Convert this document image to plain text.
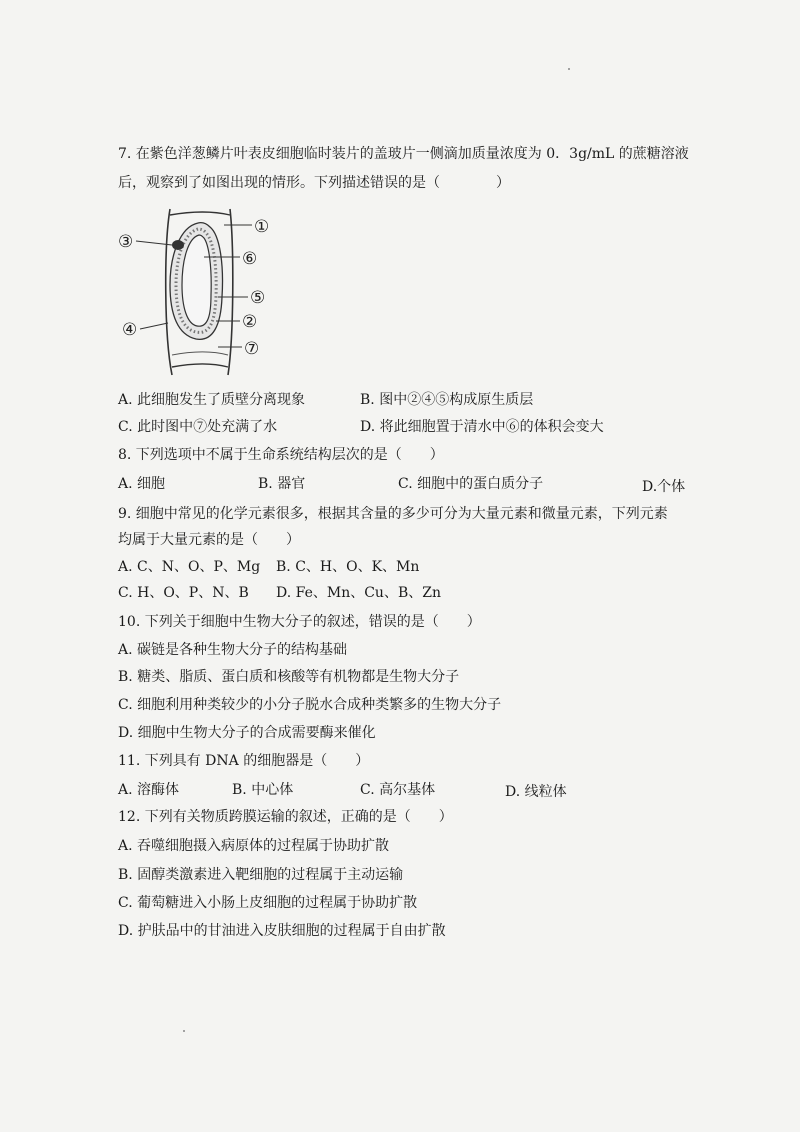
7. 在紫色洋葱鳞片叶表皮细胞临时装片的盖玻片一侧滴加质量浓度为 0．3g/mL 的蔗糖溶液
后，观察到了如图出现的情形。下列描述错误的是（　　　　）
①
⑥
⑤
②
⑦
③
④
A. 此细胞发生了质壁分离现象	B. 图中②④⑤构成原生质层
C. 此时图中⑦处充满了水	D. 将此细胞置于清水中⑥的体积会变大
8. 下列选项中不属于生命系统结构层次的是（　　）
A. 细胞	B. 器官	C. 细胞中的蛋白质分子	D.个体
9. 细胞中常见的化学元素很多，根据其含量的多少可分为大量元素和微量元素，下列元素
均属于大量元素的是（　　）
A. C、N、O、P、Mg B. C、H、O、K、Mn
C. H、O、P、N、B D. Fe、Mn、Cu、B、Zn
10. 下列关于细胞中生物大分子的叙述，错误的是（　　）
A. 碳链是各种生物大分子的结构基础
B. 糖类、脂质、蛋白质和核酸等有机物都是生物大分子
C. 细胞利用种类较少的小分子脱水合成种类繁多的生物大分子
D. 细胞中生物大分子的合成需要酶来催化
11. 下列具有 DNA 的细胞器是（　　）
A. 溶酶体	B. 中心体	C. 高尔基体	D. 线粒体
12. 下列有关物质跨膜运输的叙述，正确的是（　　）
A. 吞噬细胞摄入病原体的过程属于协助扩散
B. 固醇类激素进入靶细胞的过程属于主动运输
C. 葡萄糖进入小肠上皮细胞的过程属于协助扩散
D. 护肤品中的甘油进入皮肤细胞的过程属于自由扩散
